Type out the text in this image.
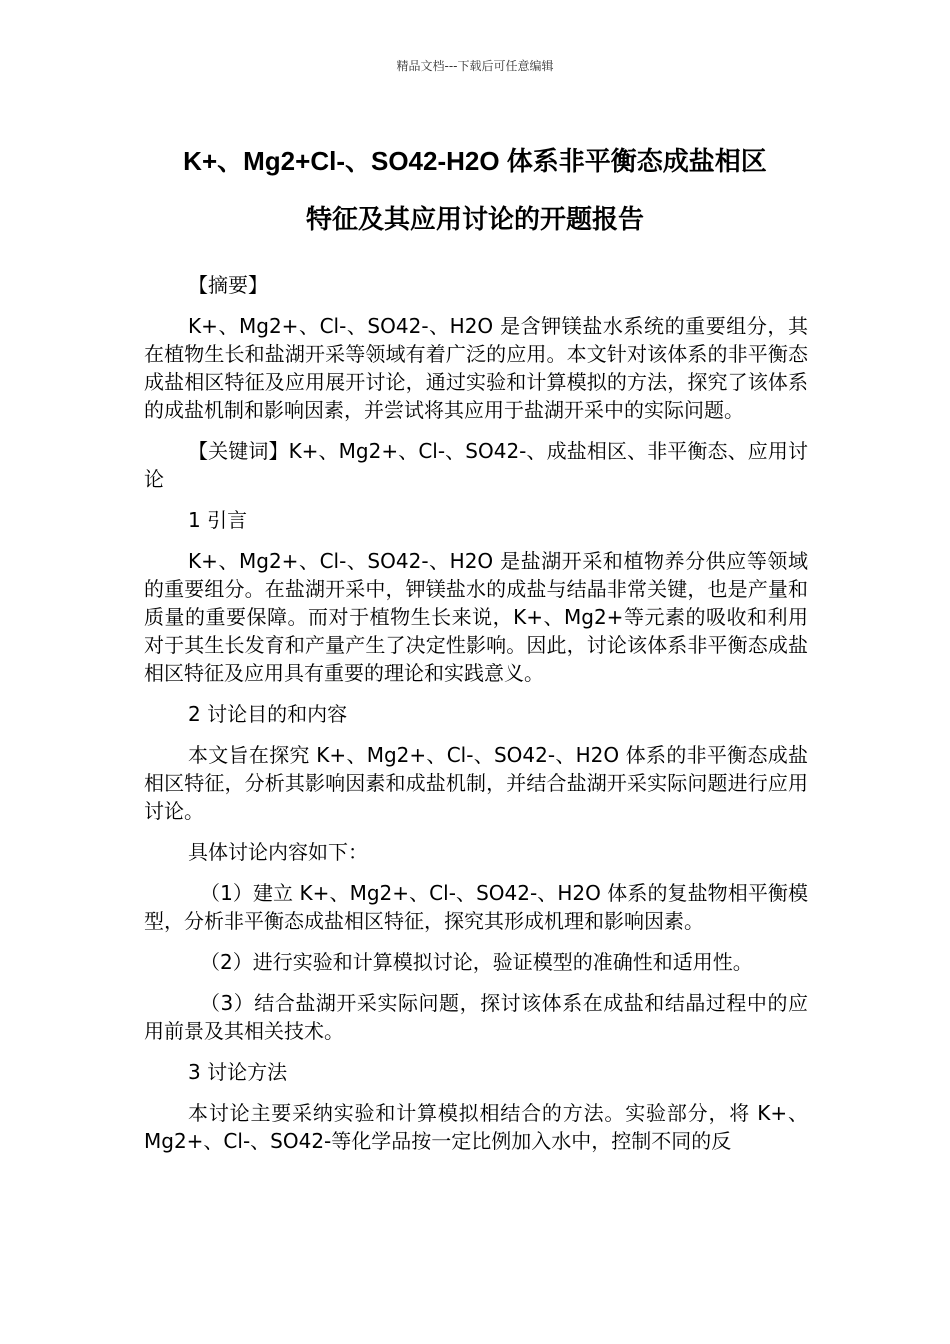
精品文档---下载后可任意编辑
K+、Mg2+Cl-、SO42-H2O 体系非平衡态成盐相区
特征及其应用讨论的开题报告

【摘要】

K+、Mg2+、Cl-、SO42-、H2O 是含钾镁盐水系统的重要组分，其在植物生长和盐湖开采等领域有着广泛的应用。本文针对该体系的非平衡态成盐相区特征及应用展开讨论，通过实验和计算模拟的方法，探究了该体系的成盐机制和影响因素，并尝试将其应用于盐湖开采中的实际问题。

【关键词】K+、Mg2+、Cl-、SO42-、成盐相区、非平衡态、应用讨论

1 引言

K+、Mg2+、Cl-、SO42-、H2O 是盐湖开采和植物养分供应等领域的重要组分。在盐湖开采中，钾镁盐水的成盐与结晶非常关键，也是产量和质量的重要保障。而对于植物生长来说，K+、Mg2+等元素的吸收和利用对于其生长发育和产量产生了决定性影响。因此，讨论该体系非平衡态成盐相区特征及应用具有重要的理论和实践意义。

2 讨论目的和内容

本文旨在探究 K+、Mg2+、Cl-、SO42-、H2O 体系的非平衡态成盐相区特征，分析其影响因素和成盐机制，并结合盐湖开采实际问题进行应用讨论。

具体讨论内容如下：

（1）建立 K+、Mg2+、Cl-、SO42-、H2O 体系的复盐物相平衡模型，分析非平衡态成盐相区特征，探究其形成机理和影响因素。

（2）进行实验和计算模拟讨论，验证模型的准确性和适用性。

（3）结合盐湖开采实际问题，探讨该体系在成盐和结晶过程中的应用前景及其相关技术。

3 讨论方法

本讨论主要采纳实验和计算模拟相结合的方法。实验部分，将 K+、Mg2+、Cl-、SO42-等化学品按一定比例加入水中，控制不同的反
